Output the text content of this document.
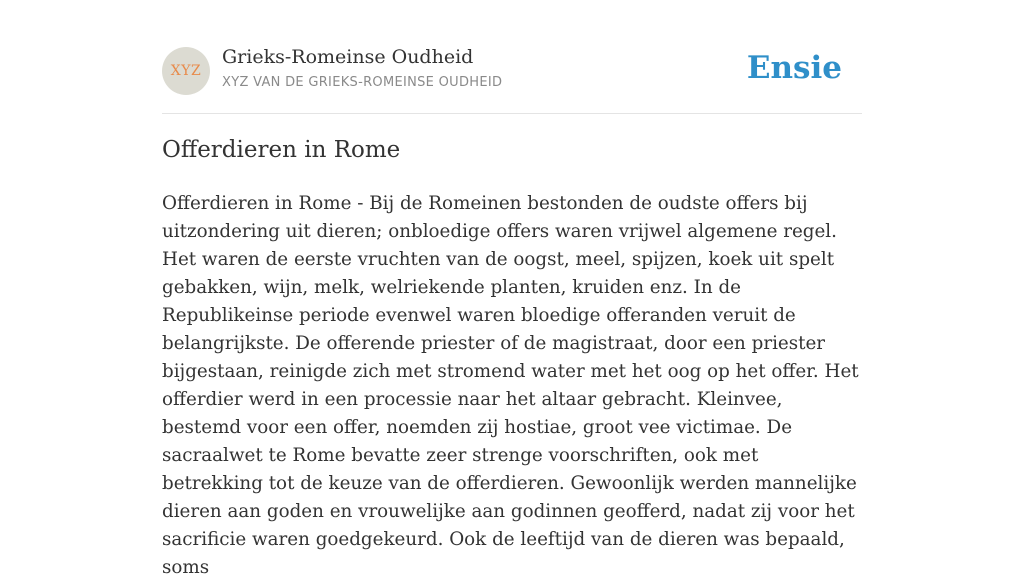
XYZ
Grieks-Romeinse Oudheid
XYZ VAN DE GRIEKS-ROMEINSE OUDHEID	Ensie
Offerdieren in Rome

Offerdieren in Rome - Bij de Romeinen bestonden de oudste offers bij uitzondering uit dieren; onbloedige offers waren vrijwel algemene regel. Het waren de eerste vruchten van de oogst, meel, spijzen, koek uit spelt gebakken, wijn, melk, welriekende planten, kruiden enz. In de Republikeinse periode evenwel waren bloedige offeranden veruit de belangrijkste. De offerende priester of de magistraat, door een priester bijgestaan, reinigde zich met stromend water met het oog op het offer. Het offerdier werd in een processie naar het altaar gebracht. Kleinvee, bestemd voor een offer, noemden zij hostiae, groot vee victimae. De sacraalwet te Rome bevatte zeer strenge voorschriften, ook met betrekking tot de keuze van de offerdieren. Gewoonlijk werden mannelijke dieren aan goden en vrouwelijke aan godinnen geofferd, nadat zij voor het sacrificie waren goedgekeurd. Ook de leeftijd van de dieren was bepaald, soms
